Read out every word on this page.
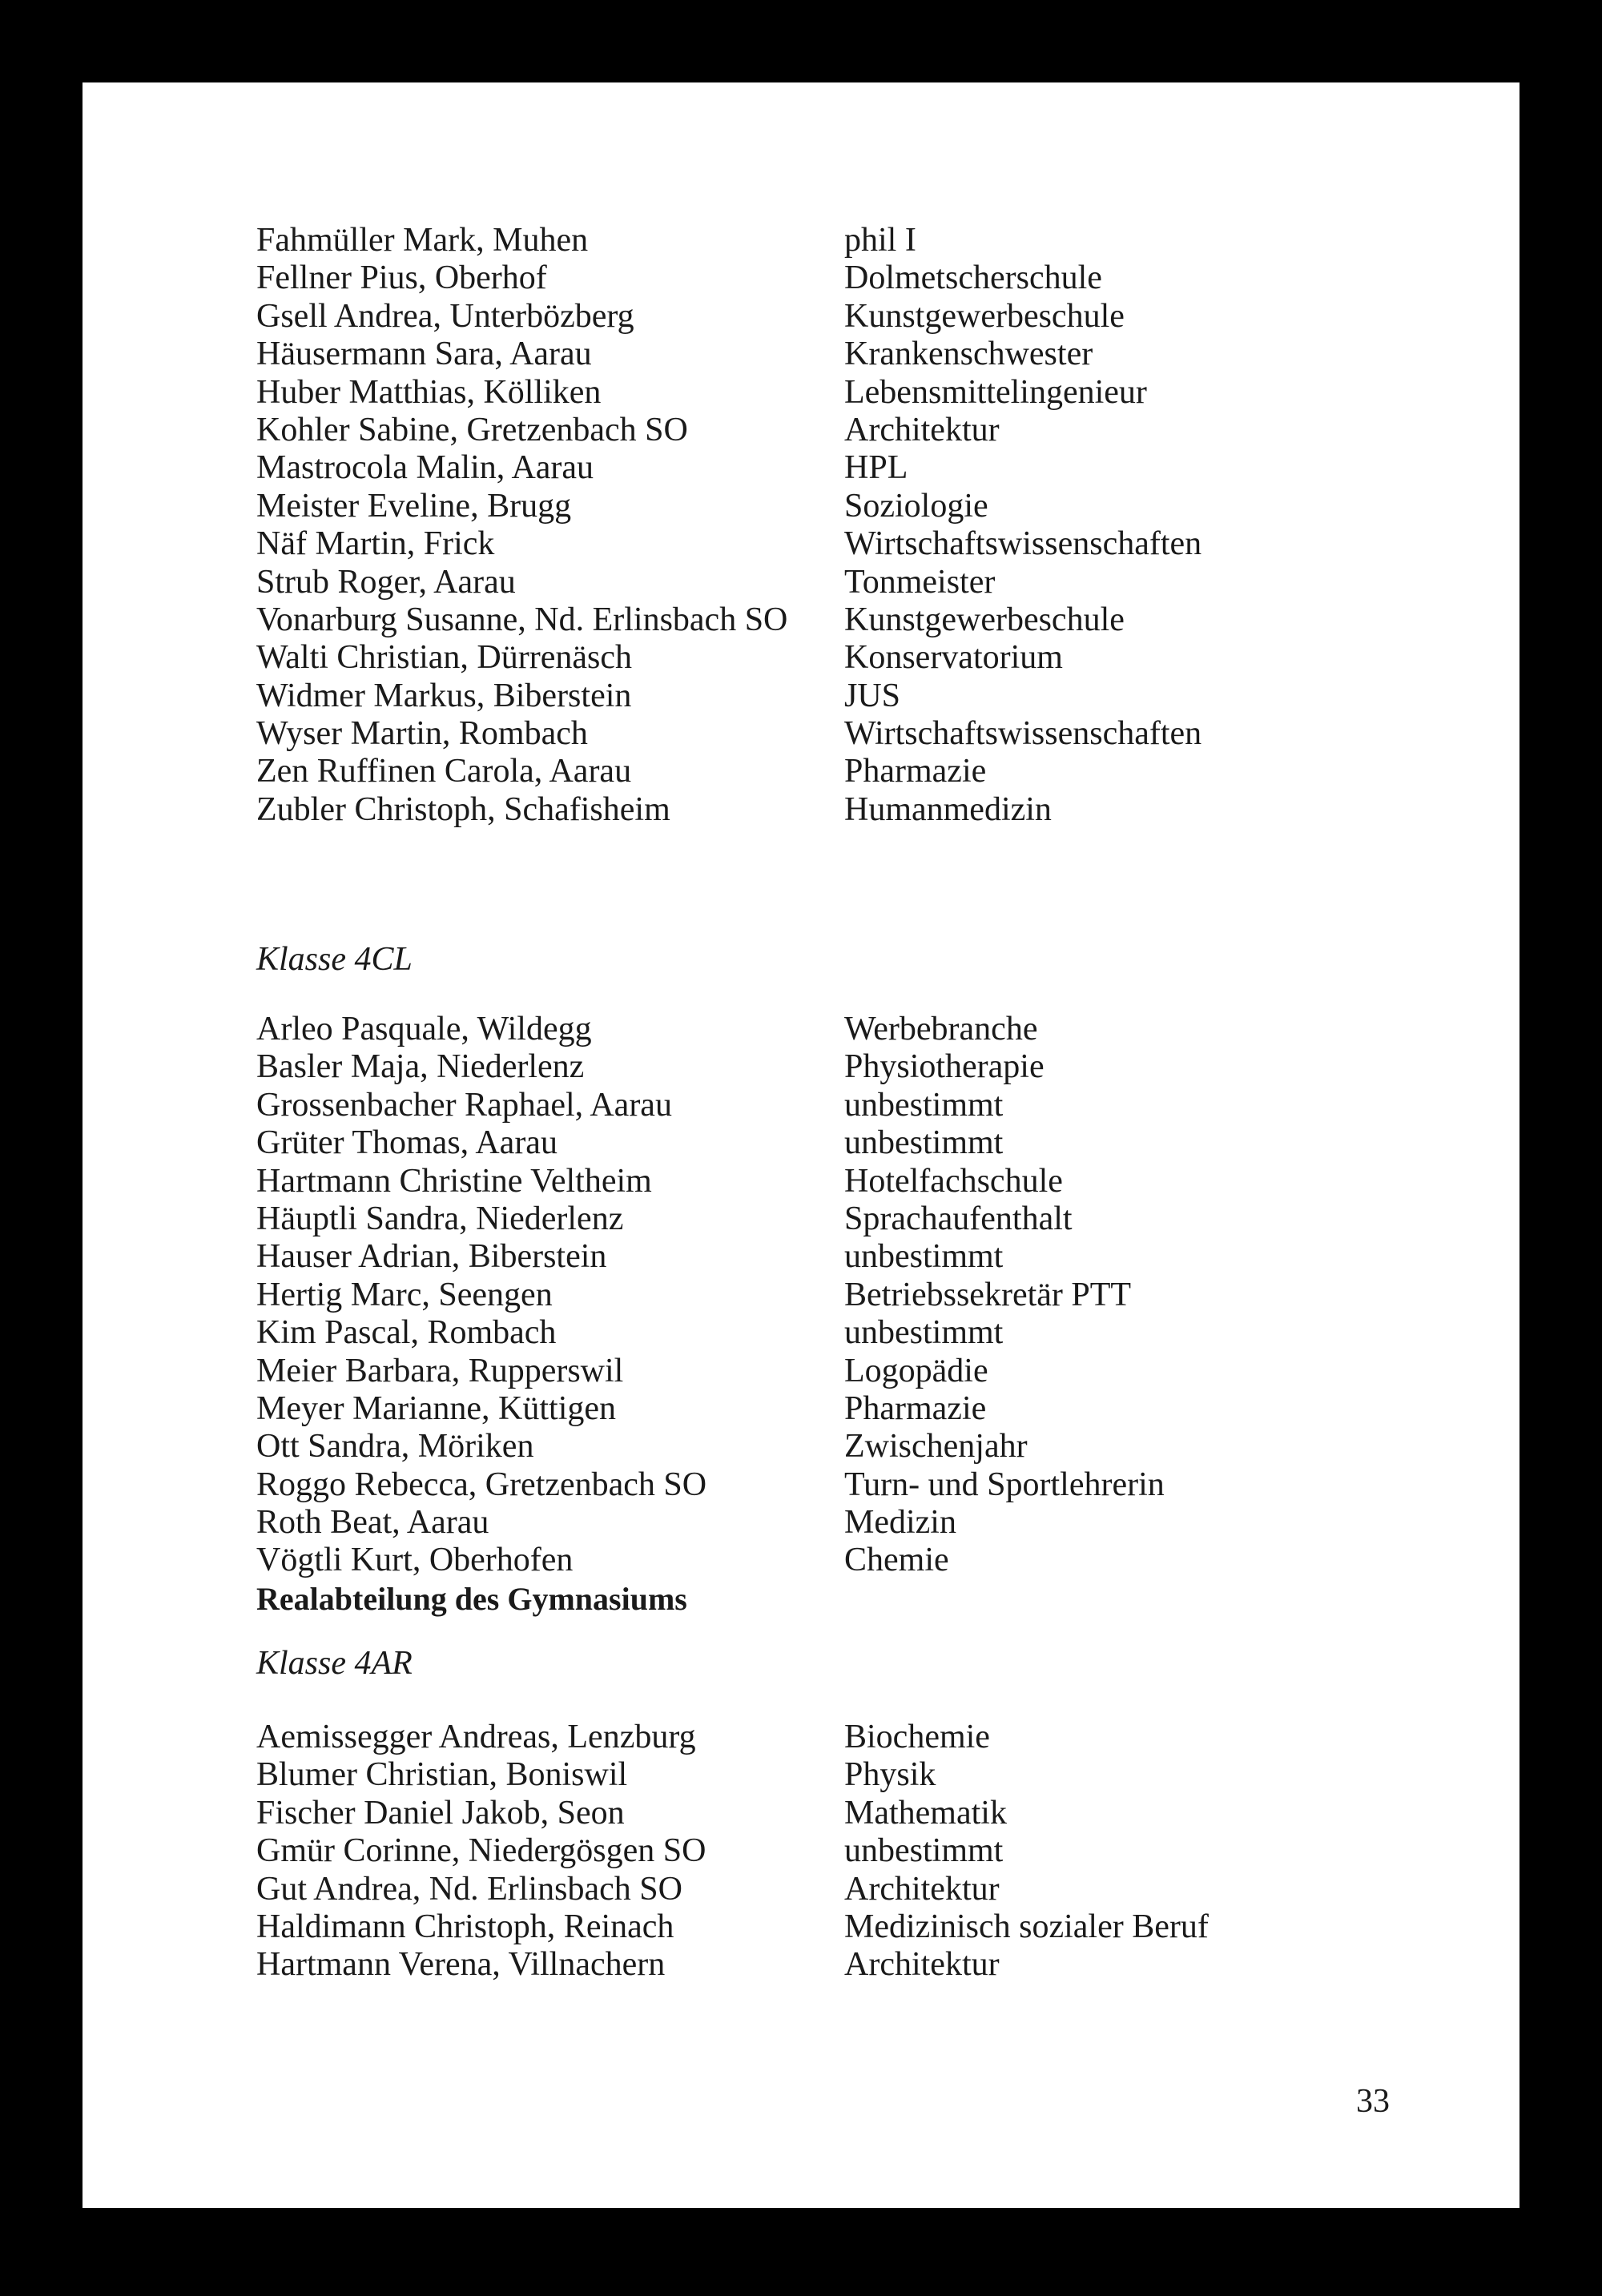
Fahmüller Mark, Muhen	phil I
Fellner Pius, Oberhof	Dolmetscherschule
Gsell Andrea, Unterbözberg	Kunstgewerbeschule
Häusermann Sara, Aarau	Krankenschwester
Huber Matthias, Kölliken	Lebensmittelingenieur
Kohler Sabine, Gretzenbach SO	Architektur
Mastrocola Malin, Aarau	HPL
Meister Eveline, Brugg	Soziologie
Näf Martin, Frick	Wirtschaftswissenschaften
Strub Roger, Aarau	Tonmeister
Vonarburg Susanne, Nd. Erlinsbach SO	Kunstgewerbeschule
Walti Christian, Dürrenäsch	Konservatorium
Widmer Markus, Biberstein	JUS
Wyser Martin, Rombach	Wirtschaftswissenschaften
Zen Ruffinen Carola, Aarau	Pharmazie
Zubler Christoph, Schafisheim	Humanmedizin
Klasse 4CL
Arleo Pasquale, Wildegg	Werbebranche
Basler Maja, Niederlenz	Physiotherapie
Grossenbacher Raphael, Aarau	unbestimmt
Grüter Thomas, Aarau	unbestimmt
Hartmann Christine Veltheim	Hotelfachschule
Häuptli Sandra, Niederlenz	Sprachaufenthalt
Hauser Adrian, Biberstein	unbestimmt
Hertig Marc, Seengen	Betriebssekretär PTT
Kim Pascal, Rombach	unbestimmt
Meier Barbara, Rupperswil	Logopädie
Meyer Marianne, Küttigen	Pharmazie
Ott Sandra, Möriken	Zwischenjahr
Roggo Rebecca, Gretzenbach SO	Turn- und Sportlehrerin
Roth Beat, Aarau	Medizin
Vögtli Kurt, Oberhofen	Chemie
Realabteilung des Gymnasiums
Klasse 4AR
Aemissegger Andreas, Lenzburg	Biochemie
Blumer Christian, Boniswil	Physik
Fischer Daniel Jakob, Seon	Mathematik
Gmür Corinne, Niedergösgen SO	unbestimmt
Gut Andrea, Nd. Erlinsbach SO	Architektur
Haldimann Christoph, Reinach	Medizinisch sozialer Beruf
Hartmann Verena, Villnachern	Architektur
33
